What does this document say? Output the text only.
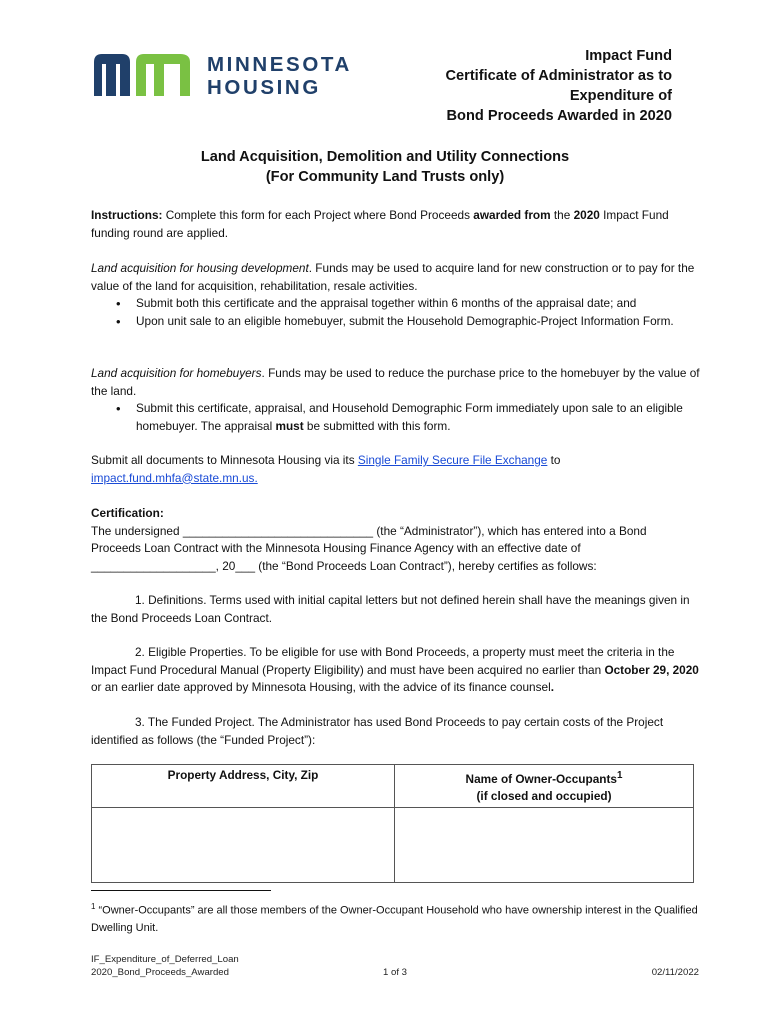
MINNESOTA
HOUSING
Impact Fund
Certificate of Administrator as to
Expenditure of
Bond Proceeds Awarded in 2020
Land Acquisition, Demolition and Utility Connections
(For Community Land Trusts only)

Instructions: Complete this form for each Project where Bond Proceeds awarded from the 2020 Impact Fund funding round are applied.

Land acquisition for housing development. Funds may be used to acquire land for new construction or to pay for the value of the land for acquisition, rehabilitation, resale activities.

• Submit both this certificate and the appraisal together within 6 months of the appraisal date; and
• Upon unit sale to an eligible homebuyer, submit the Household Demographic-Project Information Form.

Land acquisition for homebuyers. Funds may be used to reduce the purchase price to the homebuyer by the value of the land.

• Submit this certificate, appraisal, and Household Demographic Form immediately upon sale to an eligible homebuyer. The appraisal must be submitted with this form.

Submit all documents to Minnesota Housing via its Single Family Secure File Exchange to
impact.fund.mhfa@state.mn.us.

Certification:

The undersigned _____________________________ (the “Administrator”), which has entered into a Bond

Proceeds Loan Contract with the Minnesota Housing Finance Agency with an effective date of

___________________, 20___ (the “Bond Proceeds Loan Contract”), hereby certifies as follows:

1. Definitions. Terms used with initial capital letters but not defined herein shall have the meanings given in the Bond Proceeds Loan Contract.

2. Eligible Properties. To be eligible for use with Bond Proceeds, a property must meet the criteria in the Impact Fund Procedural Manual (Property Eligibility) and must have been acquired no earlier than October 29, 2020 or an earlier date approved by Minnesota Housing, with the advice of its finance counsel.

3. The Funded Project. The Administrator has used Bond Proceeds to pay certain costs of the Project identified as follows (the “Funded Project”):

Property Address, City, Zip	Name of Owner-Occupants$^1$
(if closed and occupied)

$^1$ “Owner-Occupants” are all those members of the Owner-Occupant Household who have ownership interest in the Qualified Dwelling Unit.
IF_Expenditure_of_Deferred_Loan
2020_Bond_Proceeds_Awarded	1 of 3	02/11/2022
